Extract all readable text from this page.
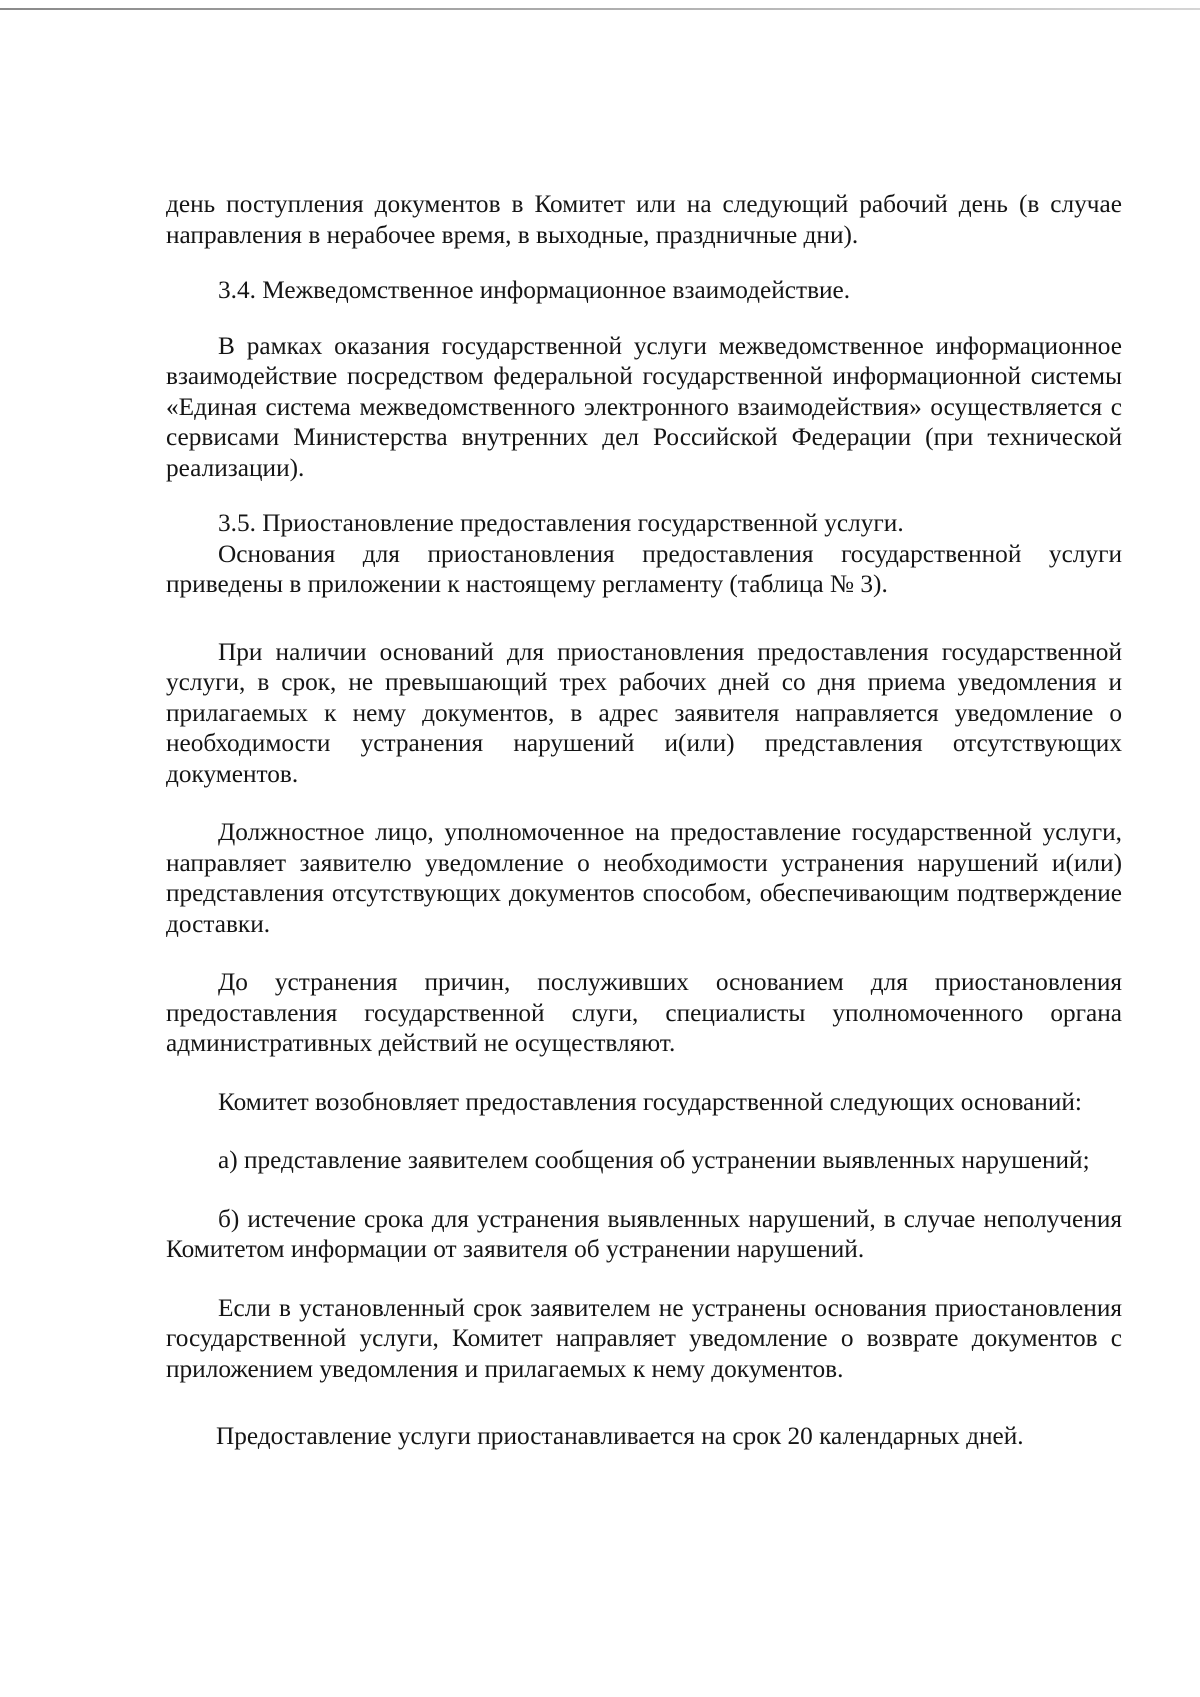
день поступления документов в Комитет или на следующий рабочий день (в случае направления в нерабочее время, в выходные, праздничные дни).

3.4. Межведомственное информационное взаимодействие.

В рамках оказания государственной услуги межведомственное информационное взаимодействие посредством федеральной государственной информационной системы «Единая система межведомственного электронного взаимодействия» осуществляется с сервисами Министерства внутренних дел Российской Федерации (при технической реализации).

3.5. Приостановление предоставления государственной услуги.

Основания для приостановления предоставления государственной услуги приведены в приложении к настоящему регламенту (таблица № 3).

При наличии оснований для приостановления предоставления государственной услуги, в срок, не превышающий трех рабочих дней со дня приема уведомления и прилагаемых к нему документов, в адрес заявителя направляется уведомление о необходимости устранения нарушений и(или) представления отсутствующих документов.

Должностное лицо, уполномоченное на предоставление государственной услуги, направляет заявителю уведомление о необходимости устранения нарушений и(или) представления отсутствующих документов способом, обеспечивающим подтверждение доставки.

До устранения причин, послуживших основанием для приостановления предоставления государственной слуги, специалисты уполномоченного органа административных действий не осуществляют.

Комитет возобновляет предоставления государственной следующих оснований:

а) представление заявителем сообщения об устранении выявленных нарушений;

б) истечение срока для устранения выявленных нарушений, в случае неполучения Комитетом информации от заявителя об устранении нарушений.

Если в установленный срок заявителем не устранены основания приостановления государственной услуги, Комитет направляет уведомление о возврате документов с приложением уведомления и прилагаемых к нему документов.

Предоставление услуги приостанавливается на срок 20 календарных дней.
